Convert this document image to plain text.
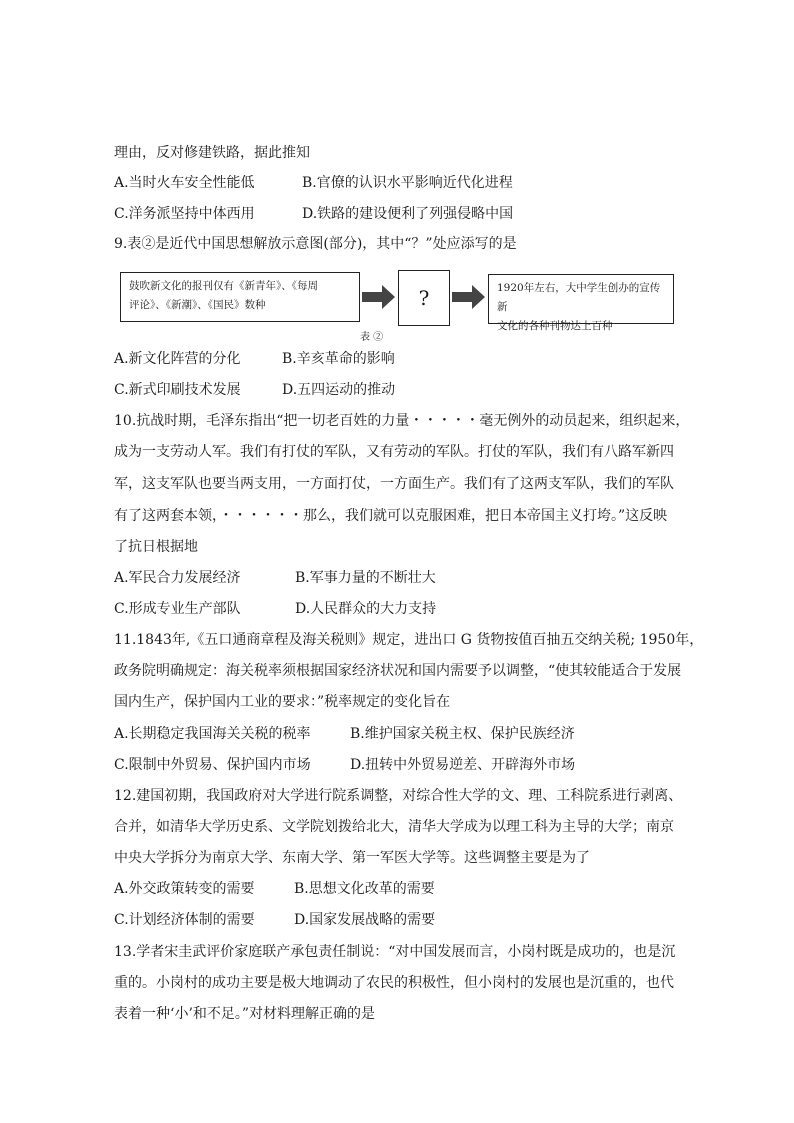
理由，反对修建铁路，据此推知
A.当时火车安全性能低	B.官僚的认识水平影响近代化进程
C.洋务派坚持中体西用	D.铁路的建设便利了列强侵略中国
9.表②是近代中国思想解放示意图(部分)，其中“？”处应添写的是
鼓吹新文化的报刊仅有《新青年》、《每周
评论》、《新潮》、《国民》数种	?	1920年左右，大中学生创办的宣传新
文化的各种刊物达上百种
表 ②
A.新文化阵营的分化	B.辛亥革命的影响
C.新式印刷技术发展	D.五四运动的推动
10.抗战时期，毛泽东指出“把一切老百姓的力量・・・・・毫无例外的动员起来，组织起来，
成为一支劳动人军。我们有打仗的军队，又有劳动的军队。打仗的军队，我们有八路军新四
军，这支军队也要当两支用，一方面打仗，一方面生产。我们有了这两支军队，我们的军队
有了这两套本领，・・・・・・那么，我们就可以克服困难，把日本帝国主义打垮。”这反映
了抗日根据地
A.军民合力发展经济	B.军事力量的不断壮大
C.形成专业生产部队	D.人民群众的大力支持
11.1843年,《五口通商章程及海关税则》规定，进出口 G 货物按值百抽五交纳关税; 1950年，
政务院明确规定：海关税率须根据国家经济状况和国内需要予以调整，“使其较能适合于发展
国内生产，保护国内工业的要求：”税率规定的变化旨在
A.长期稳定我国海关关税的税率	B.维护国家关税主权、保护民族经济
C.限制中外贸易、保护国内市场	D.扭转中外贸易逆差、开辟海外市场
12.建国初期，我国政府对大学进行院系调整，对综合性大学的文、理、工科院系进行剥离、
合并，如清华大学历史系、文学院划拨给北大，清华大学成为以理工科为主导的大学；南京
中央大学拆分为南京大学、东南大学、第一军医大学等。这些调整主要是为了
A.外交政策转变的需要	B.思想文化改革的需要
C.计划经济体制的需要	D.国家发展战略的需要
13.学者宋圭武评价家庭联产承包责任制说：“对中国发展而言，小岗村既是成功的，也是沉
重的。小岗村的成功主要是极大地调动了农民的积极性，但小岗村的发展也是沉重的，也代
表着一种‘小’和不足。”对材料理解正确的是
